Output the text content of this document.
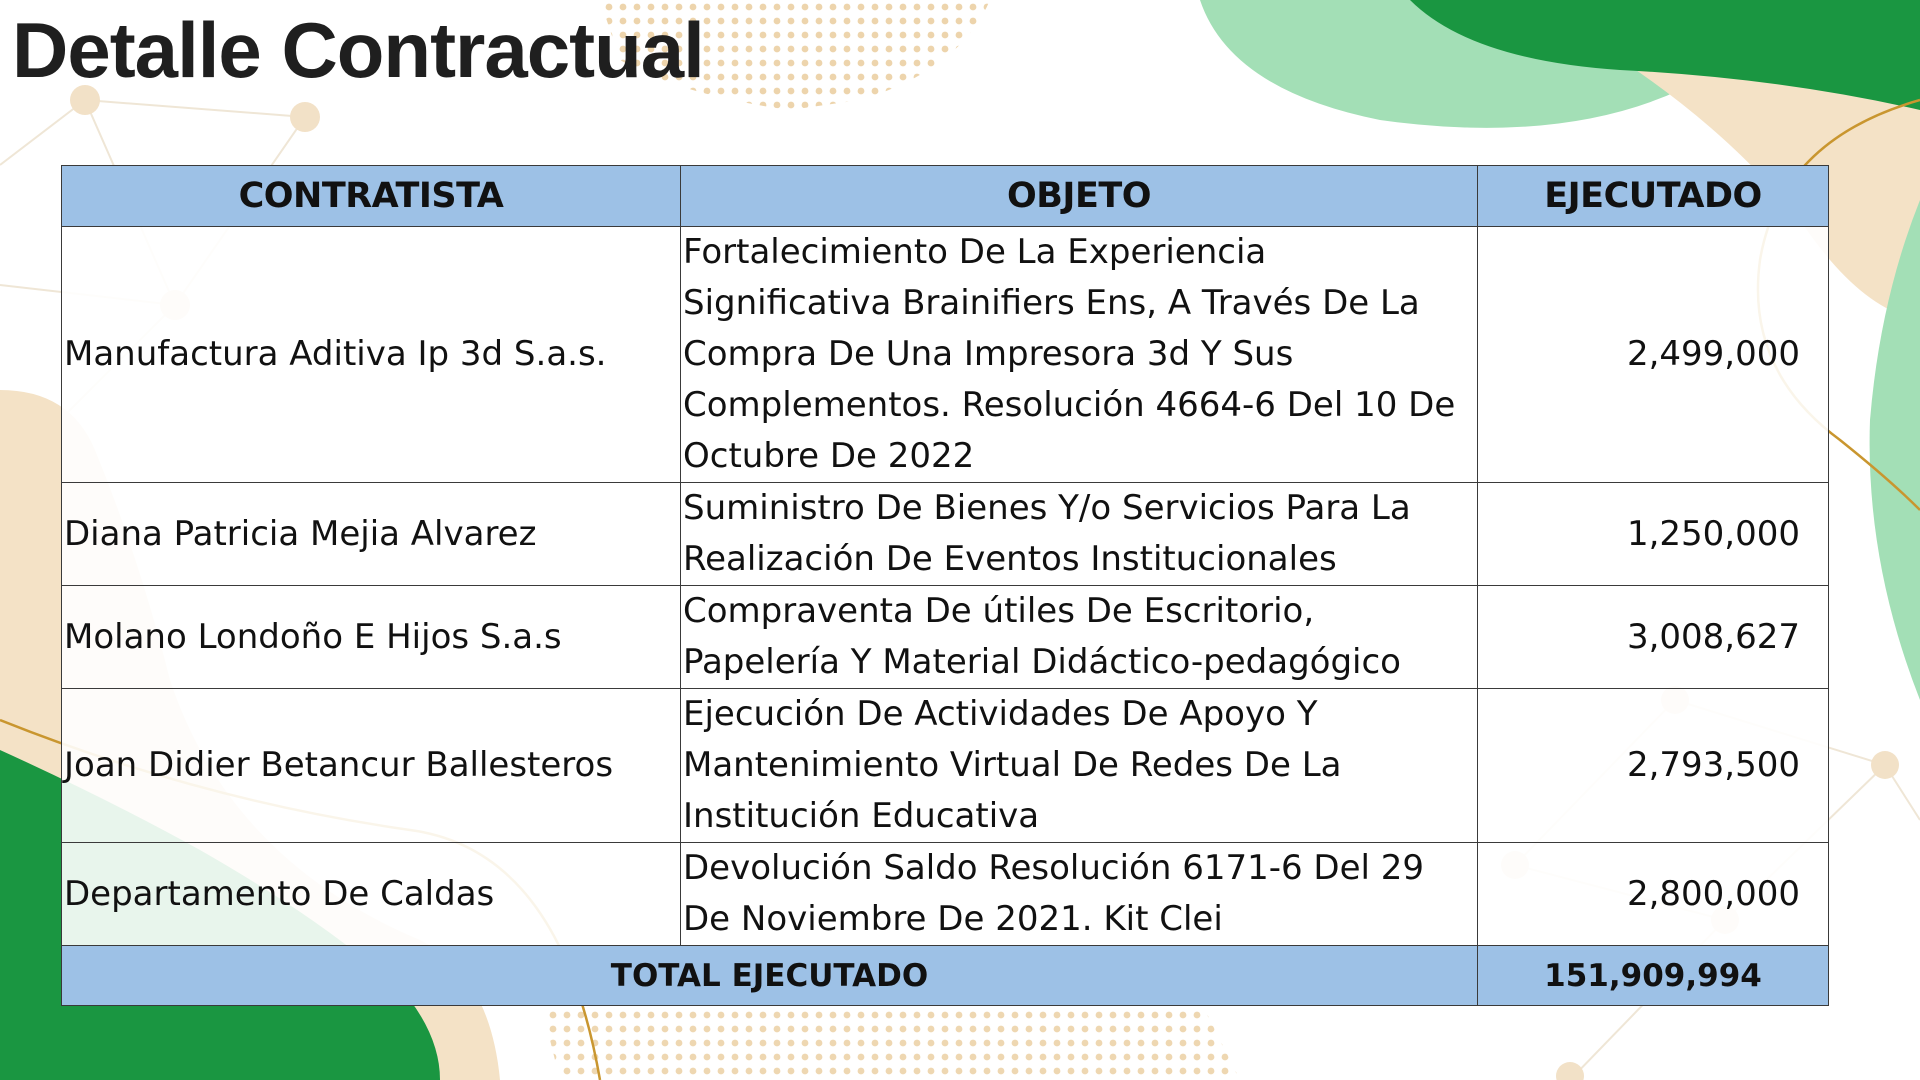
Detalle Contractual
CONTRATISTA	OBJETO	EJECUTADO
Manufactura Aditiva Ip 3d S.a.s.	Fortalecimiento De La Experiencia Significativa Brainifiers Ens, A Través De La Compra De Una Impresora 3d Y Sus Complementos. Resolución 4664-6 Del 10 De Octubre De 2022	2,499,000
Diana Patricia Mejia Alvarez	Suministro De Bienes Y/o Servicios Para La Realización De Eventos Institucionales	1,250,000
Molano Londoño E Hijos S.a.s	Compraventa De útiles De Escritorio, Papelería Y Material Didáctico-pedagógico	3,008,627
Joan Didier Betancur Ballesteros	Ejecución De Actividades De Apoyo Y Mantenimiento Virtual De Redes De La Institución Educativa	2,793,500
Departamento De Caldas	Devolución Saldo Resolución 6171-6 Del 29 De Noviembre De 2021. Kit Clei	2,800,000
TOTAL EJECUTADO		151,909,994
